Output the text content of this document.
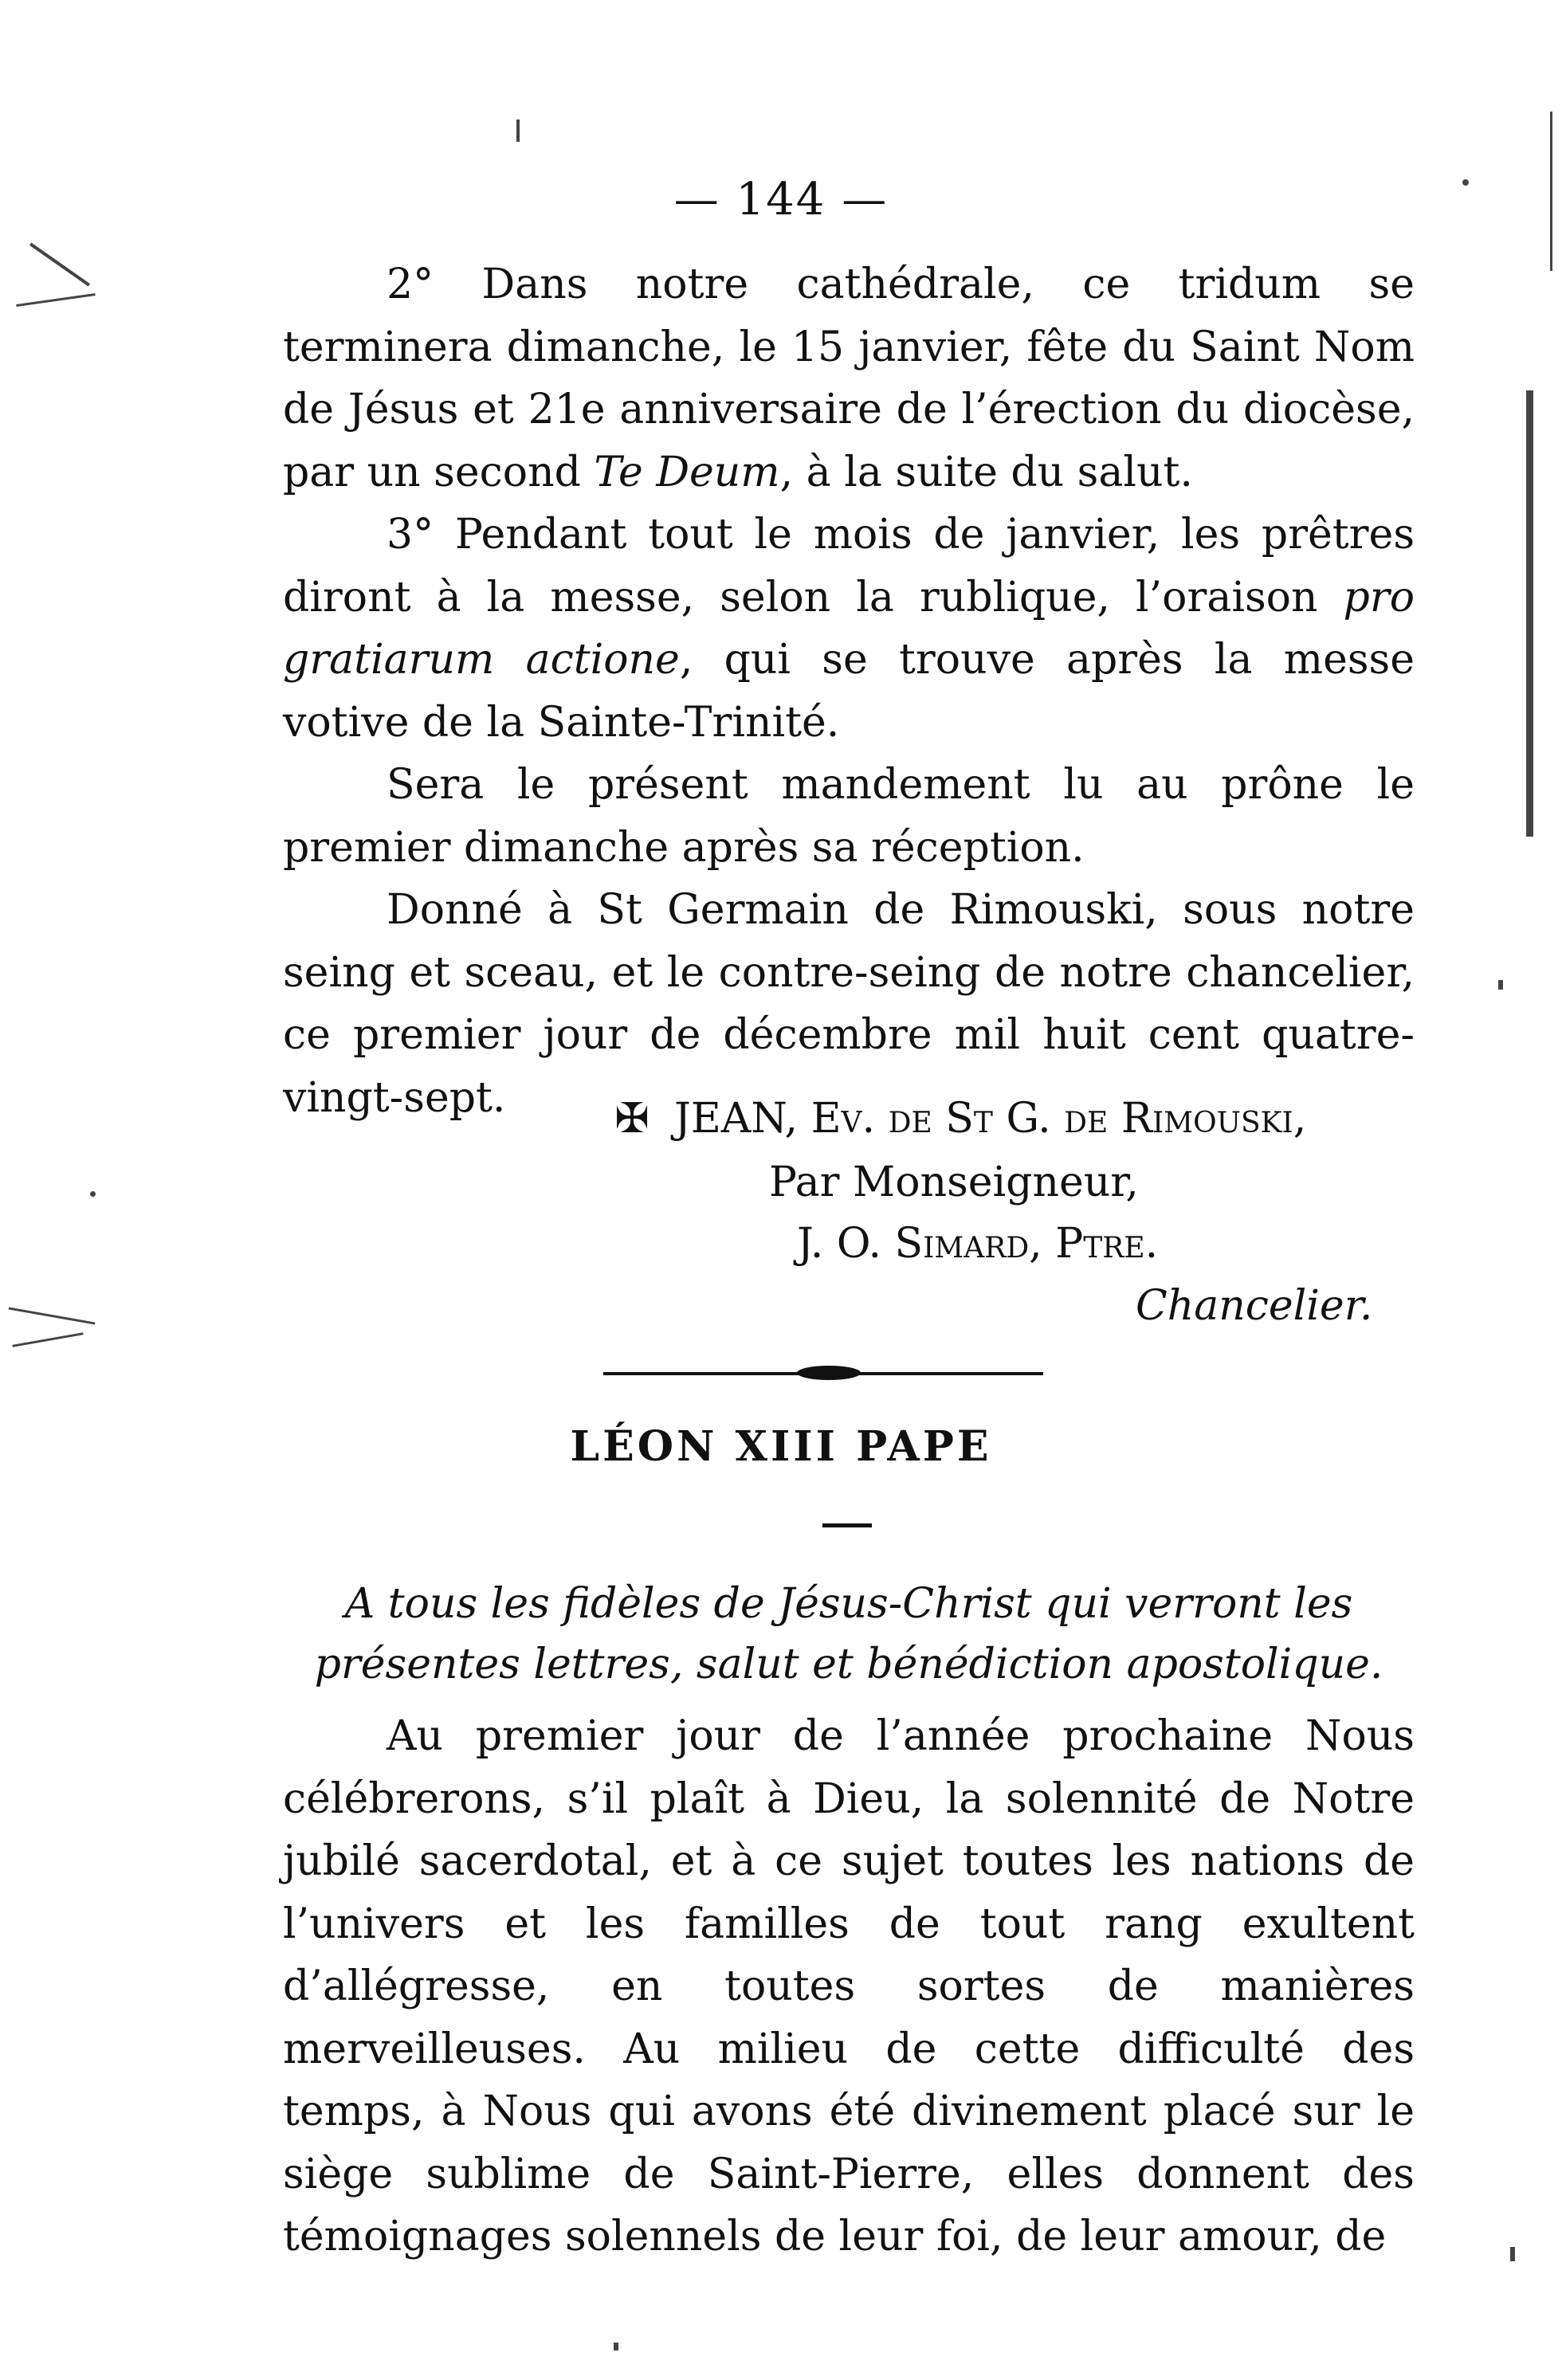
— 144 —

2° Dans notre cathédrale, ce tridum se terminera dimanche, le 15 janvier, fête du Saint Nom de Jésus et 21e anniversaire de l’érection du diocèse, par un second Te Deum, à la suite du salut.

3° Pendant tout le mois de janvier, les prêtres diront à la messe, selon la rublique, l’oraison pro gratiarum actione, qui se trouve après la messe votive de la Sainte-Trinité.

Sera le présent mandement lu au prône le premier dimanche après sa réception.

Donné à St Germain de Rimouski, sous notre seing et sceau, et le contre-seing de notre chancelier, ce premier jour de décembre mil huit cent quatre-vingt-sept.	✠ JEAN, Ev. de St G. de Rimouski,
Par Monseigneur,
J. O. Simard, Ptre.
Chancelier.
LÉON XIII PAPE
A tous les fidèles de Jésus-Christ qui verront les présentes lettres, salut et bénédiction apostolique.

Au premier jour de l’année prochaine Nous célébrerons, s’il plaît à Dieu, la solennité de Notre jubilé sacerdotal, et à ce sujet toutes les nations de l’univers et les familles de tout rang exultent d’allégresse, en toutes sortes de manières merveilleuses. Au milieu de cette difficulté des temps, à Nous qui avons été divinement placé sur le siège sublime de Saint-Pierre, elles donnent des témoignages solennels de leur foi, de leur amour, de
